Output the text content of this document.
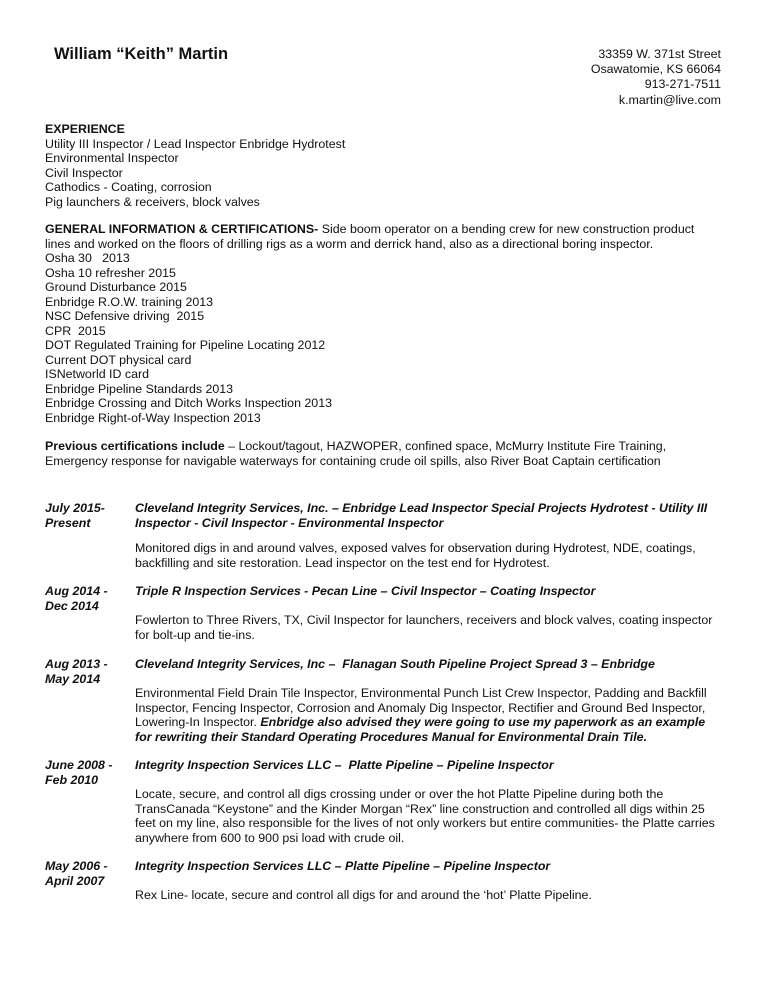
William “Keith” Martin	33359 W. 371st Street
Osawatomie, KS 66064
913-271-7511
k.martin@live.com
EXPERIENCE
Utility III Inspector / Lead Inspector Enbridge Hydrotest
Environmental Inspector
Civil Inspector
Cathodics - Coating, corrosion
Pig launchers & receivers, block valves
GENERAL INFORMATION & CERTIFICATIONS- Side boom operator on a bending crew for new construction product
lines and worked on the floors of drilling rigs as a worm and derrick hand, also as a directional boring inspector.
Osha 30   2013
Osha 10 refresher 2015
Ground Disturbance 2015
Enbridge R.O.W. training 2013
NSC Defensive driving  2015
CPR  2015
DOT Regulated Training for Pipeline Locating 2012
Current DOT physical card
ISNetworld ID card
Enbridge Pipeline Standards 2013
Enbridge Crossing and Ditch Works Inspection 2013
Enbridge Right-of-Way Inspection 2013
Previous certifications include – Lockout/tagout, HAZWOPER, confined space, McMurry Institute Fire Training,
Emergency response for navigable waterways for containing crude oil spills, also River Boat Captain certification
July 2015-
Present
Cleveland Integrity Services, Inc. – Enbridge Lead Inspector Special Projects Hydrotest - Utility III
Inspector - Civil Inspector - Environmental Inspector
Monitored digs in and around valves, exposed valves for observation during Hydrotest, NDE, coatings,
backfilling and site restoration. Lead inspector on the test end for Hydrotest.
Aug 2014 -
Dec 2014
Triple R Inspection Services - Pecan Line – Civil Inspector – Coating Inspector
Fowlerton to Three Rivers, TX, Civil Inspector for launchers, receivers and block valves, coating inspector
for bolt-up and tie-ins.
Aug 2013 -
May 2014
Cleveland Integrity Services, Inc –  Flanagan South Pipeline Project Spread 3 – Enbridge
Environmental Field Drain Tile Inspector, Environmental Punch List Crew Inspector, Padding and Backfill
Inspector, Fencing Inspector, Corrosion and Anomaly Dig Inspector, Rectifier and Ground Bed Inspector,
Lowering-In Inspector. Enbridge also advised they were going to use my paperwork as an example
for rewriting their Standard Operating Procedures Manual for Environmental Drain Tile.
June 2008 -
Feb 2010
Integrity Inspection Services LLC –  Platte Pipeline – Pipeline Inspector
Locate, secure, and control all digs crossing under or over the hot Platte Pipeline during both the
TransCanada “Keystone” and the Kinder Morgan “Rex” line construction and controlled all digs within 25
feet on my line, also responsible for the lives of not only workers but entire communities- the Platte carries
anywhere from 600 to 900 psi load with crude oil.
May 2006 -
April 2007
Integrity Inspection Services LLC – Platte Pipeline – Pipeline Inspector
Rex Line- locate, secure and control all digs for and around the ‘hot’ Platte Pipeline.
